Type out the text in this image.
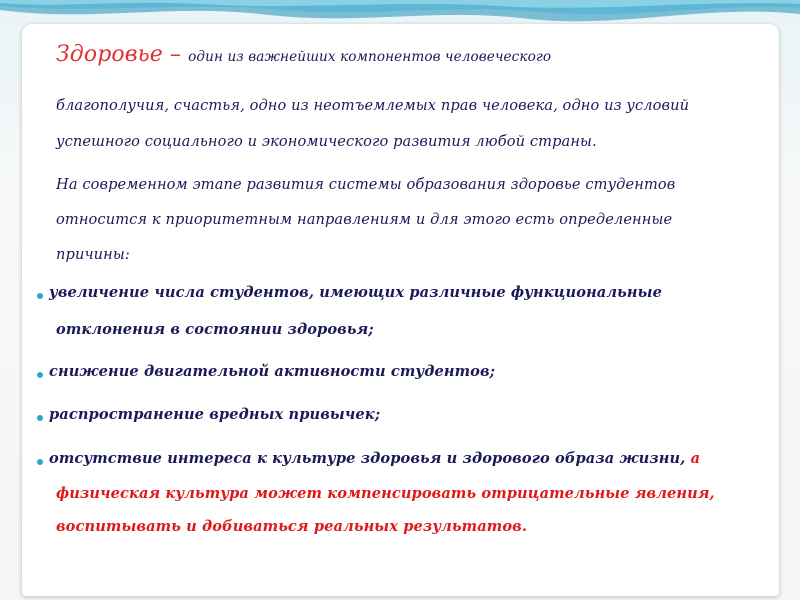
Здоровье – один из важнейших компонентов человеческого
благополучия, счастья, одно из неотъемлемых прав человека, одно из условий
успешного социального и экономического развития любой страны.
На современном этапе развития системы образования здоровье студентов
относится к приоритетным направлениям и для этого есть определенные
причины:
увеличение числа студентов, имеющих различные функциональные
отклонения в состоянии здоровья;
снижение двигательной активности студентов;
распространение вредных привычек;
отсутствие интереса к культуре здоровья и здорового образа жизни, а
физическая культура может компенсировать отрицательные явления,
воспитывать и добиваться реальных результатов.
